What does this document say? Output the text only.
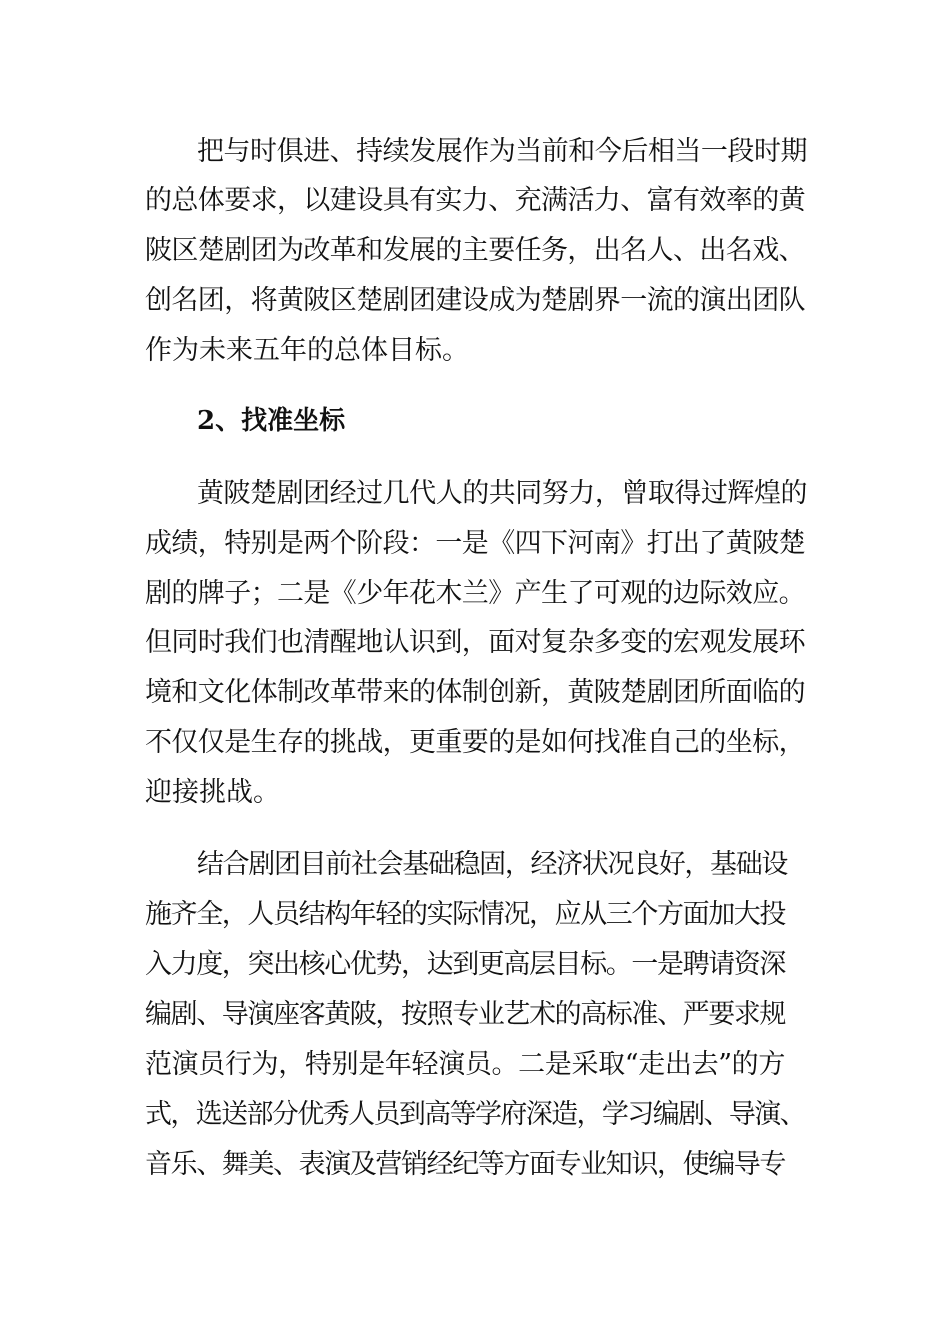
把与时俱进、持续发展作为当前和今后相当一段时期
的总体要求，以建设具有实力、充满活力、富有效率的黄
陂区楚剧团为改革和发展的主要任务，出名人、出名戏、
创名团，将黄陂区楚剧团建设成为楚剧界一流的演出团队
作为未来五年的总体目标。
2、找准坐标
黄陂楚剧团经过几代人的共同努力，曾取得过辉煌的
成绩，特别是两个阶段：一是《四下河南》打出了黄陂楚
剧的牌子；二是《少年花木兰》产生了可观的边际效应。
但同时我们也清醒地认识到，面对复杂多变的宏观发展环
境和文化体制改革带来的体制创新，黄陂楚剧团所面临的
不仅仅是生存的挑战，更重要的是如何找准自己的坐标，
迎接挑战。
结合剧团目前社会基础稳固，经济状况良好，基础设
施齐全，人员结构年轻的实际情况，应从三个方面加大投
入力度，突出核心优势，达到更高层目标。一是聘请资深
编剧、导演座客黄陂，按照专业艺术的高标准、严要求规
范演员行为，特别是年轻演员。二是采取“走出去”的方
式，选送部分优秀人员到高等学府深造，学习编剧、导演、
音乐、舞美、表演及营销经纪等方面专业知识，使编导专
